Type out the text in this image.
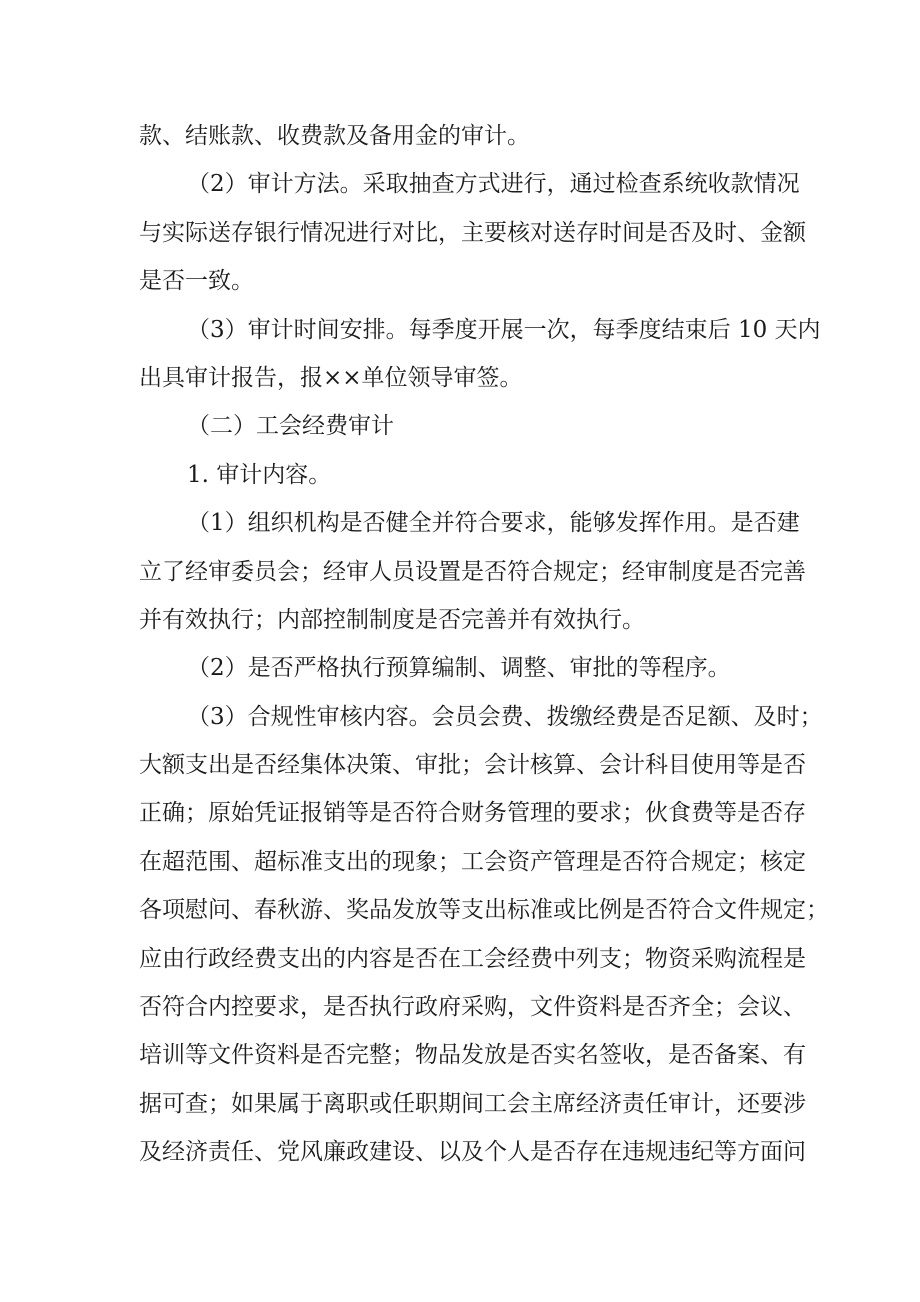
款、结账款、收费款及备用金的审计。
（2）审计方法。采取抽查方式进行，通过检查系统收款情况
与实际送存银行情况进行对比，主要核对送存时间是否及时、金额
是否一致。
（3）审计时间安排。每季度开展一次，每季度结束后 10 天内
出具审计报告，报××单位领导审签。
（二）工会经费审计
1. 审计内容。
（1）组织机构是否健全并符合要求，能够发挥作用。是否建
立了经审委员会；经审人员设置是否符合规定；经审制度是否完善
并有效执行；内部控制制度是否完善并有效执行。
（2）是否严格执行预算编制、调整、审批的等程序。
（3）合规性审核内容。会员会费、拨缴经费是否足额、及时；
大额支出是否经集体决策、审批；会计核算、会计科目使用等是否
正确；原始凭证报销等是否符合财务管理的要求；伙食费等是否存
在超范围、超标准支出的现象；工会资产管理是否符合规定；核定
各项慰问、春秋游、奖品发放等支出标准或比例是否符合文件规定；
应由行政经费支出的内容是否在工会经费中列支；物资采购流程是
否符合内控要求，是否执行政府采购，文件资料是否齐全；会议、
培训等文件资料是否完整；物品发放是否实名签收，是否备案、有
据可查；如果属于离职或任职期间工会主席经济责任审计，还要涉
及经济责任、党风廉政建设、以及个人是否存在违规违纪等方面问
